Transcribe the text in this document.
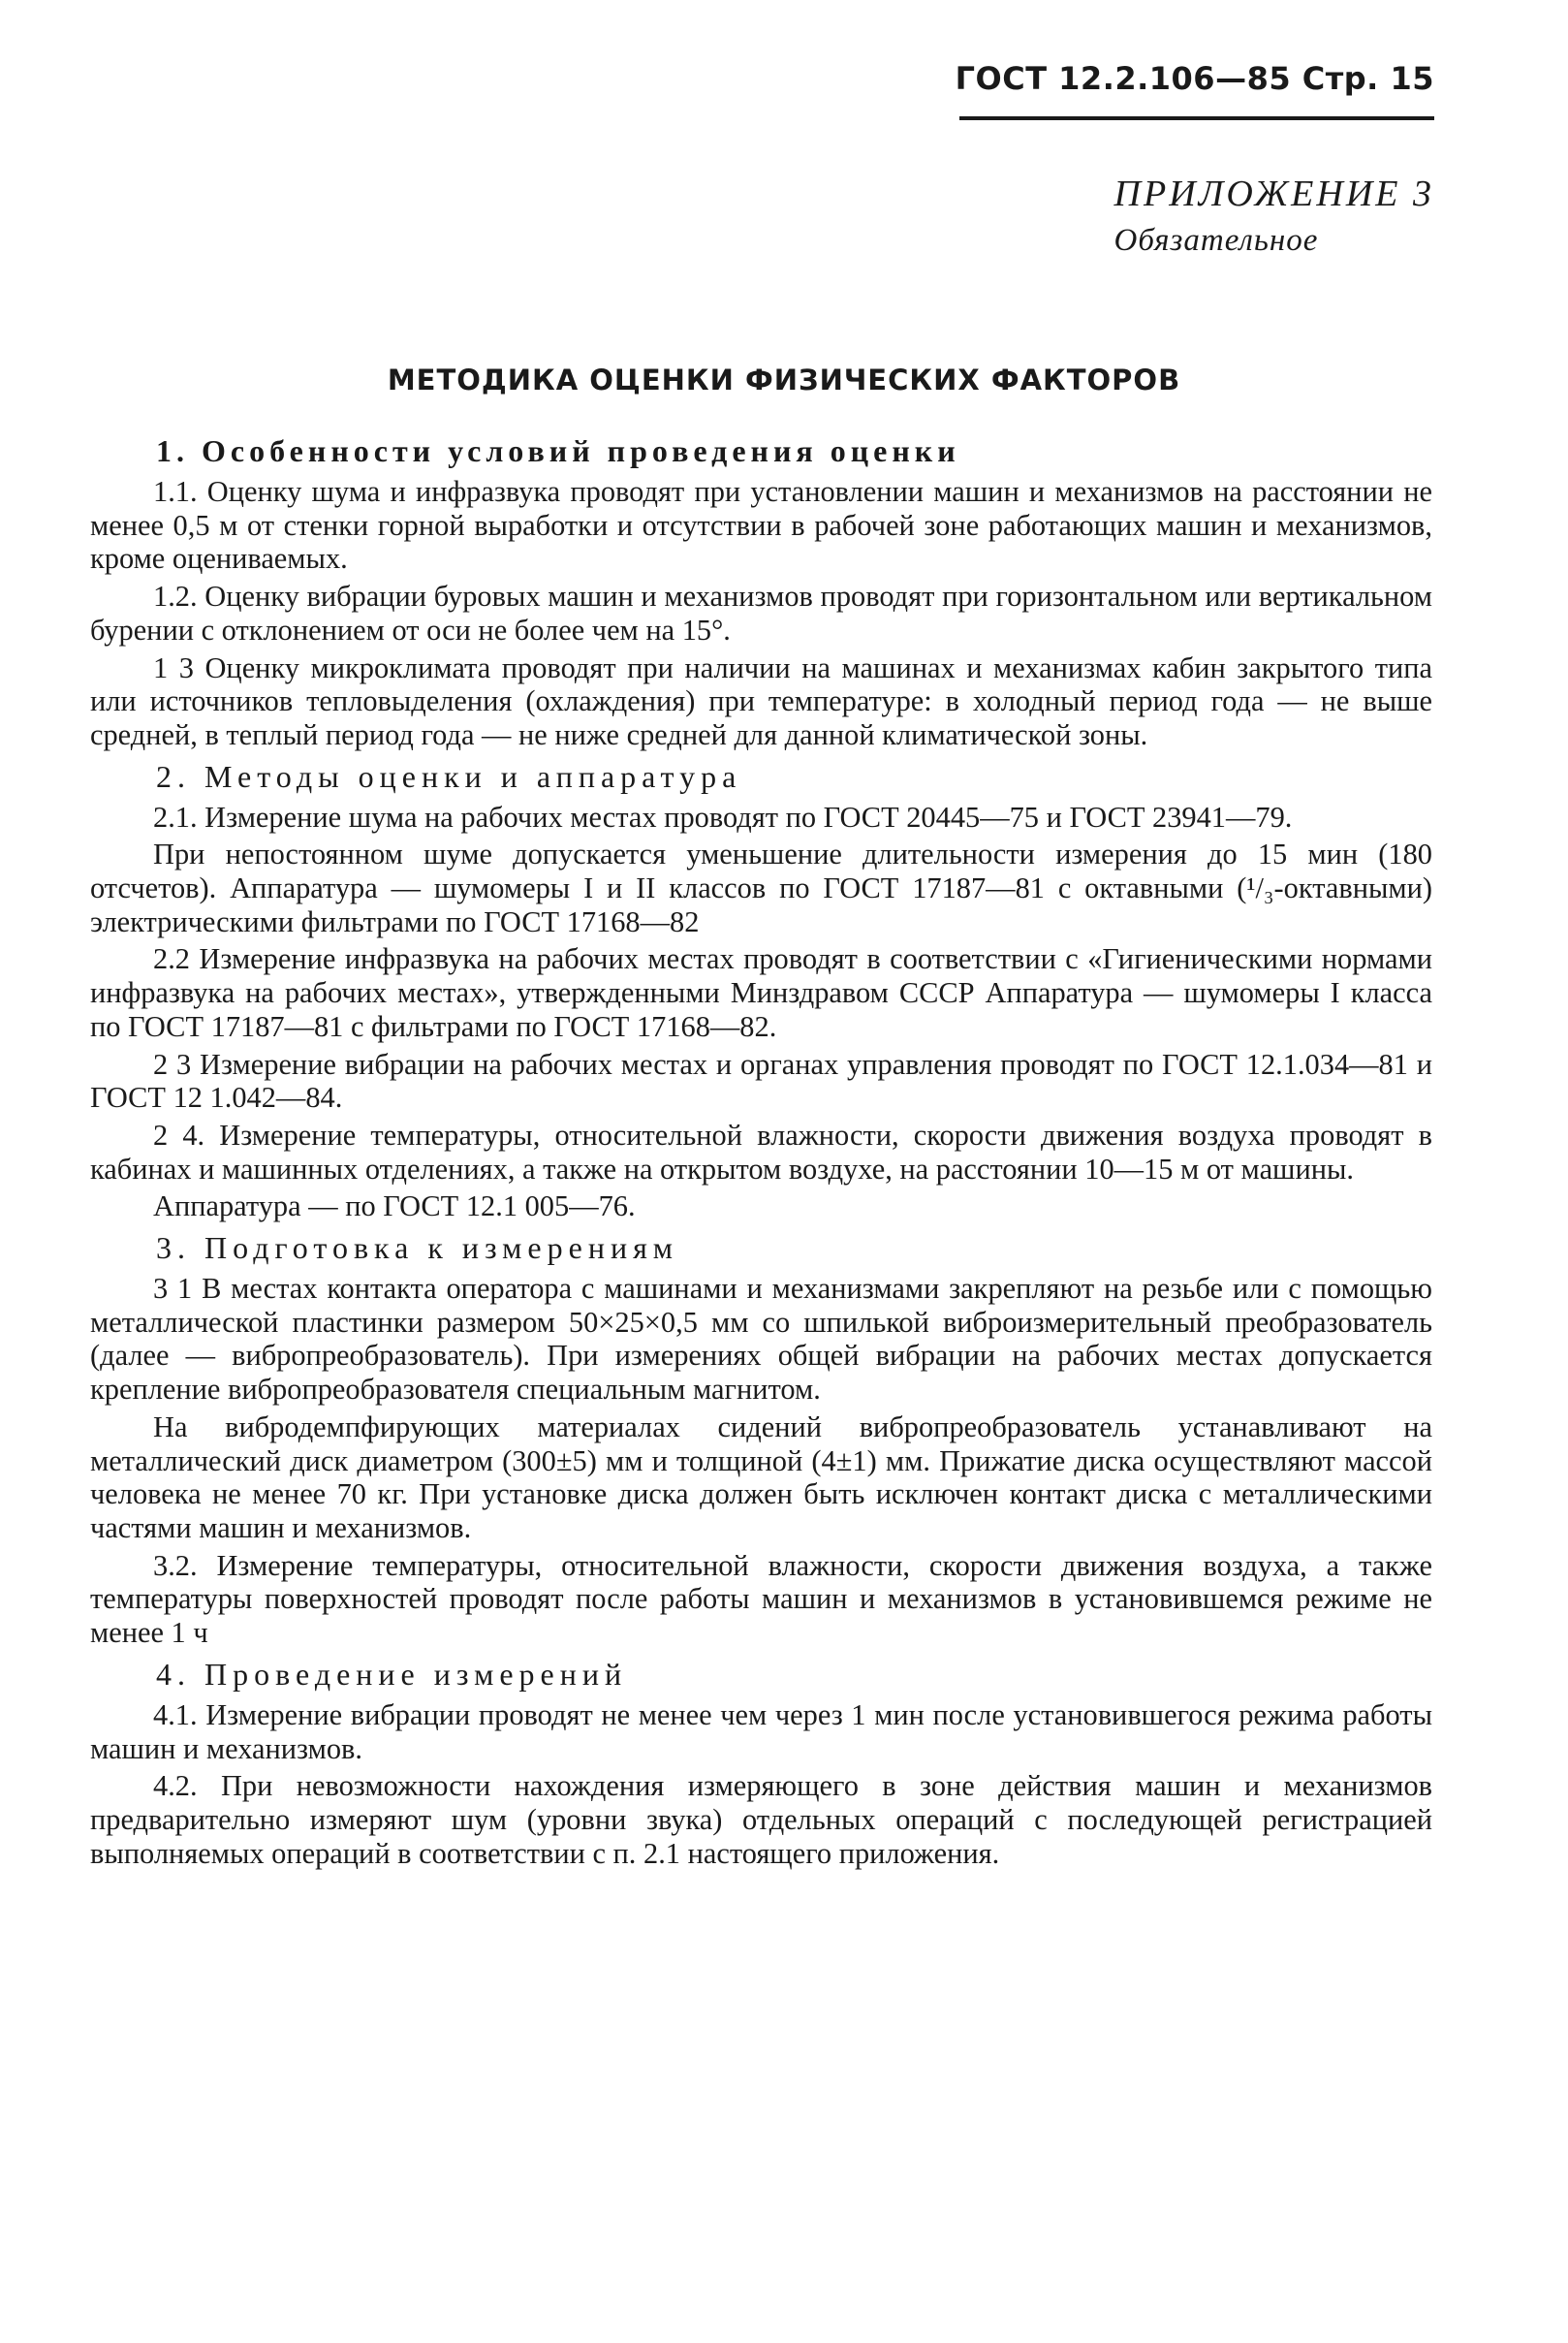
ГОСТ 12.2.106—85 Стр. 15
ПРИЛОЖЕНИЕ 3
Обязательное
МЕТОДИКА ОЦЕНКИ ФИЗИЧЕСКИХ ФАКТОРОВ
1. Особенности условий проведения оценки

1.1. Оценку шума и инфразвука проводят при установлении машин и механизмов на расстоянии не менее 0,5 м от стенки горной выработки и отсутствии в рабочей зоне работающих машин и механизмов, кроме оцениваемых.

1.2. Оценку вибрации буровых машин и механизмов проводят при горизонтальном или вертикальном бурении с отклонением от оси не более чем на 15°.

1 3 Оценку микроклимата проводят при наличии на машинах и механизмах кабин закрытого типа или источников тепловыделения (охлаждения) при температуре: в холодный период года — не выше средней, в теплый период года — не ниже средней для данной климатической зоны.

2. Методы оценки и аппаратура

2.1. Измерение шума на рабочих местах проводят по ГОСТ 20445—75 и ГОСТ 23941—79.

При непостоянном шуме допускается уменьшение длительности измерения до 15 мин (180 отсчетов). Аппаратура — шумомеры I и II классов по ГОСТ 17187—81 с октавными (¹/₃-октавными) электрическими фильтрами по ГОСТ 17168—82

2.2 Измерение инфразвука на рабочих местах проводят в соответствии с «Гигиеническими нормами инфразвука на рабочих местах», утвержденными Минздравом СССР Аппаратура — шумомеры I класса по ГОСТ 17187—81 с фильтрами по ГОСТ 17168—82.

2 3 Измерение вибрации на рабочих местах и органах управления проводят по ГОСТ 12.1.034—81 и ГОСТ 12 1.042—84.

2 4. Измерение температуры, относительной влажности, скорости движения воздуха проводят в кабинах и машинных отделениях, а также на открытом воздухе, на расстоянии 10—15 м от машины.

Аппаратура — по ГОСТ 12.1 005—76.

3. Подготовка к измерениям

3 1 В местах контакта оператора с машинами и механизмами закрепляют на резьбе или с помощью металлической пластинки размером 50×25×0,5 мм со шпилькой виброизмерительный преобразователь (далее — вибропреобразователь). При измерениях общей вибрации на рабочих местах допускается крепление вибропреобразователя специальным магнитом.

На вибродемпфирующих материалах сидений вибропреобразователь устанавливают на металлический диск диаметром (300±5) мм и толщиной (4±1) мм. Прижатие диска осуществляют массой человека не менее 70 кг. При установке диска должен быть исключен контакт диска с металлическими частями машин и механизмов.

3.2. Измерение температуры, относительной влажности, скорости движения воздуха, а также температуры поверхностей проводят после работы машин и механизмов в установившемся режиме не менее 1 ч

4. Проведение измерений

4.1. Измерение вибрации проводят не менее чем через 1 мин после установившегося режима работы машин и механизмов.

4.2. При невозможности нахождения измеряющего в зоне действия машин и механизмов предварительно измеряют шум (уровни звука) отдельных операций с последующей регистрацией выполняемых операций в соответствии с п. 2.1 настоящего приложения.
